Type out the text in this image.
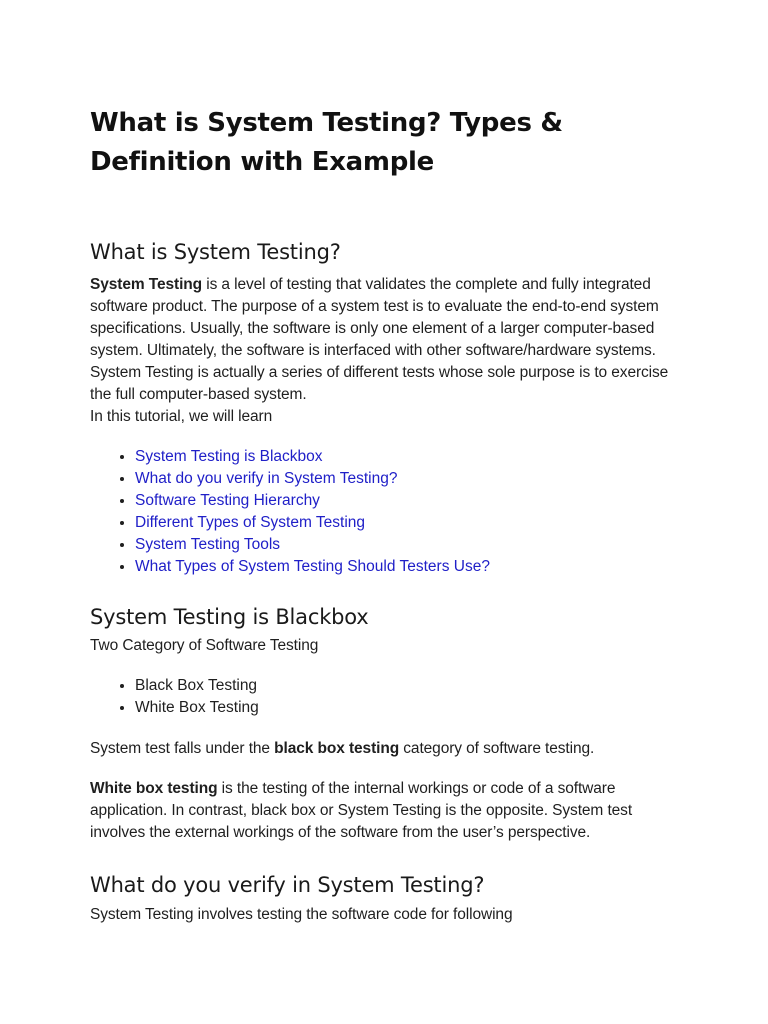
What is System Testing? Types & Definition with Example
What is System Testing?

System Testing is a level of testing that validates the complete and fully integrated software product. The purpose of a system test is to evaluate the end-to-end system specifications. Usually, the software is only one element of a larger computer-based system. Ultimately, the software is interfaced with other software/hardware systems. System Testing is actually a series of different tests whose sole purpose is to exercise the full computer-based system.

In this tutorial, we will learn

• System Testing is Blackbox
• What do you verify in System Testing?
• Software Testing Hierarchy
• Different Types of System Testing
• System Testing Tools
• What Types of System Testing Should Testers Use?
System Testing is Blackbox

Two Category of Software Testing

• Black Box Testing
• White Box Testing

System test falls under the black box testing category of software testing.

White box testing is the testing of the internal workings or code of a software application. In contrast, black box or System Testing is the opposite. System test involves the external workings of the software from the user’s perspective.

What do you verify in System Testing?

System Testing involves testing the software code for following
